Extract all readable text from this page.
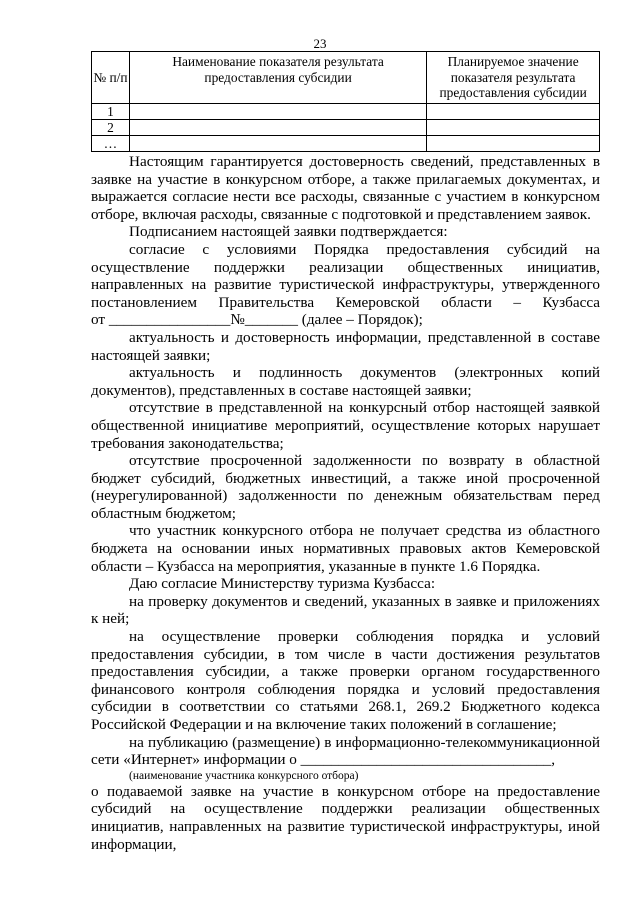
23
№ п/п	Наименование показателя результата предоставления субсидии	Планируемое значение показателя результата предоставления субсидии
1		
2		
…		

Настоящим гарантируется достоверность сведений, представленных в заявке на участие в конкурсном отборе, а также прилагаемых документах, и выражается согласие нести все расходы, связанные с участием в конкурсном отборе, включая расходы, связанные с подготовкой и представлением заявок.

Подписанием настоящей заявки подтверждается:

согласие с условиями Порядка предоставления субсидий на осуществление поддержки реализации общественных инициатив, направленных на развитие туристической инфраструктуры, утвержденного постановлением Правительства Кемеровской области – Кузбасса

от ________________№_______ (далее – Порядок);

актуальность и достоверность информации, представленной в составе настоящей заявки;

актуальность и подлинность документов (электронных копий документов), представленных в составе настоящей заявки;

отсутствие в представленной на конкурсный отбор настоящей заявкой общественной инициативе мероприятий, осуществление которых нарушает требования законодательства;

отсутствие просроченной задолженности по возврату в областной бюджет субсидий, бюджетных инвестиций, а также иной просроченной (неурегулированной) задолженности по денежным обязательствам перед областным бюджетом;

что участник конкурсного отбора не получает средства из областного бюджета на основании иных нормативных правовых актов Кемеровской области – Кузбасса на мероприятия, указанные в пункте 1.6 Порядка.

Даю согласие Министерству туризма Кузбасса:

на проверку документов и сведений, указанных в заявке и приложениях к ней;

на осуществление проверки соблюдения порядка и условий предоставления субсидии, в том числе в части достижения результатов предоставления субсидии, а также проверки органом государственного финансового контроля соблюдения порядка и условий предоставления субсидии в соответствии со статьями 268.1, 269.2 Бюджетного кодекса Российской Федерации и на включение таких положений в соглашение;

на публикацию (размещение) в информационно-телекоммуникационной сети «Интернет» информации о _________________________________,

(наименование участника конкурсного отбора)

о подаваемой заявке на участие в конкурсном отборе на предоставление субсидий на осуществление поддержки реализации общественных инициатив, направленных на развитие туристической инфраструктуры, иной информации,
